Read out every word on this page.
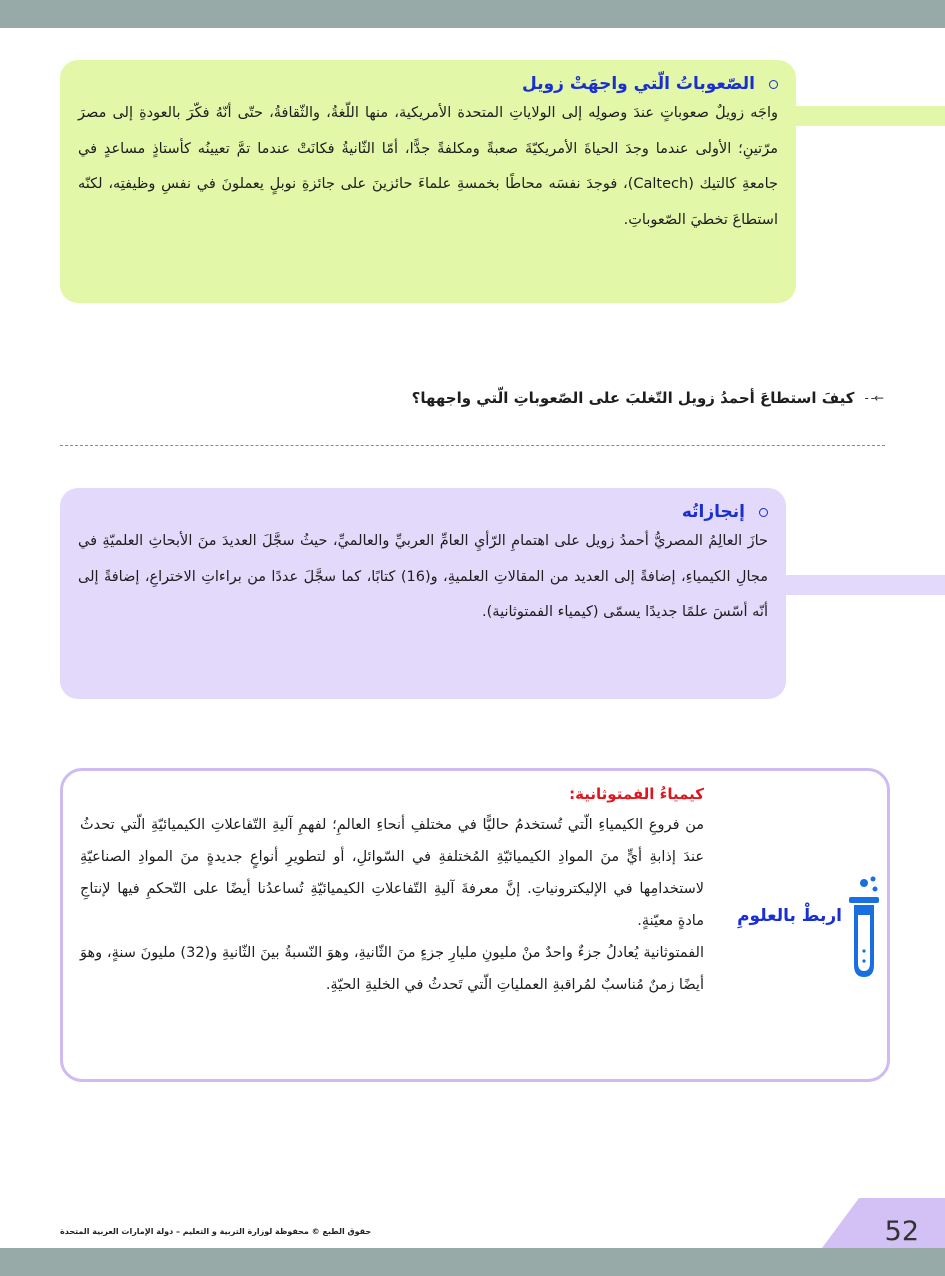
الصّعوباتُ الّتي واجهَتْ زويل

واجَه زويلٌ صعوباتٍ عندَ وصولِه إلى الولاياتِ المتحدة الأمريكية، منها اللّغةُ، والثّقافةُ، حتّى أنّهُ فكّرَ بالعودةِ إلى مصرَ مرّتينِ؛ الأولى عندما وجدَ الحياةَ الأمريكيّةَ صعبةً ومكلفةً جدًّا، أمّا الثّانيةُ فكانَتْ عندما تمَّ تعيينُه كأستاذٍ مساعدٍ في جامعةِ كالتيك (Caltech)، فوجدَ نفسَه محاطًا بخمسةِ علماءَ حائزينَ على جائزةِ نوبلٍ يعملونَ في نفسِ وظيفتِه، لكنّه استطاعَ تخطيَ الصّعوباتِ.

←- -
كيفَ استطاعَ أحمدُ زويل التّغلبَ على الصّعوباتِ الّتي واجهها؟
إنجازاتُه

حازَ العالِمُ المصريُّ أحمدُ زويل على اهتمامِ الرّأيِ العامِّ العربيِّ والعالميِّ، حيثُ سجَّلَ العديدَ منَ الأبحاثِ العلميّةِ في مجالِ الكيمياءِ، إضافةً إلى العديد من المقالاتِ العلميةِ، و(16) كتابًا، كما سجَّلَ عددًا من براءاتِ الاختراعِ، إضافةً إلى أنّه أسّسَ علمًا جديدًا يسمّى (كيمياء الفمتوثانية).

اربطْ بالعلومِ
كيمياءُ الفمتوثانية:

من فروعِ الكيمياءِ الّتي تُستخدمُ حاليًّا في مختلفِ أنحاءِ العالمِ؛ لفهمِ آليةِ التّفاعلاتِ الكيميائيّةِ الّتي تحدثُ عندَ إذابةِ أيٍّ منَ الموادِ الكيميائيّةِ المُختلفةِ في السّوائلِ، أو لتطويرِ أنواعٍ جديدةٍ منَ الموادِ الصناعيّةِ لاستخدامِها في الإليكترونياتِ. إنَّ معرفةَ آليةِ التّفاعلاتِ الكيميائيّةِ تُساعدُنا أيضًا على التّحكمِ فيها لإنتاجِ مادةٍ معيّنةٍ.

الفمتوثانية يُعادلُ جزءٌ واحدٌ منْ مليونِ مليارِ جزءٍ منَ الثّانيةِ، وهوَ النّسبةُ بينَ الثّانيةِ و(32) مليونَ سنةٍ، وهوَ أيضًا زمنٌ مُناسبٌ لمُراقبةِ العملياتِ الّتي تَحدثُ في الخليةِ الحيّةِ.

حقوق الطبع © محفوظة لوزارة التربية و التعليم – دولة الإمارات العربية المتحدة	52
